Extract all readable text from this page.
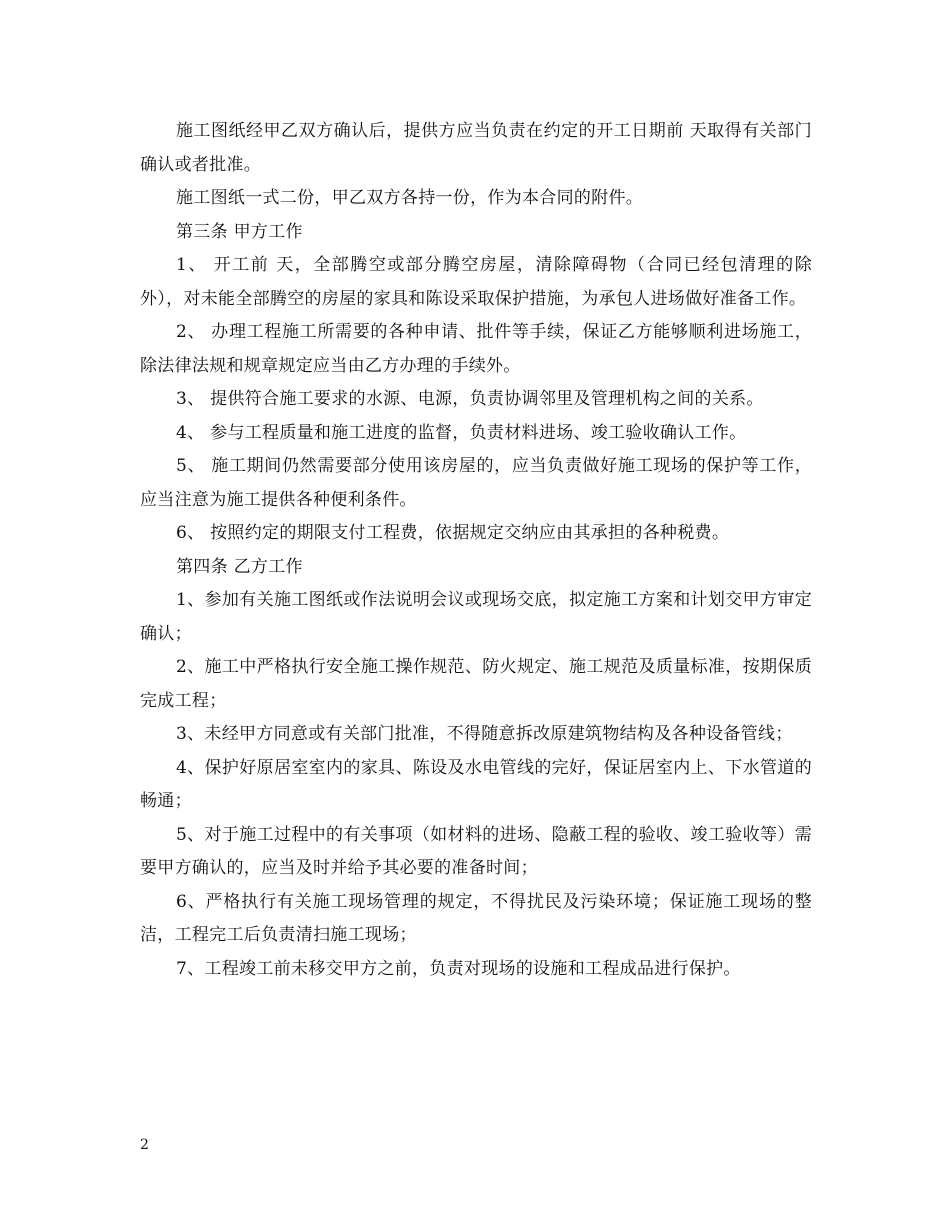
施工图纸经甲乙双方确认后，提供方应当负责在约定的开工日期前 天取得有关部门确认或者批准。

施工图纸一式二份，甲乙双方各持一份，作为本合同的附件。

第三条 甲方工作

1、 开工前 天，全部腾空或部分腾空房屋，清除障碍物（合同已经包清理的除外），对未能全部腾空的房屋的家具和陈设采取保护措施，为承包人进场做好准备工作。

2、 办理工程施工所需要的各种申请、批件等手续，保证乙方能够顺利进场施工，除法律法规和规章规定应当由乙方办理的手续外。

3、 提供符合施工要求的水源、电源，负责协调邻里及管理机构之间的关系。

4、 参与工程质量和施工进度的监督，负责材料进场、竣工验收确认工作。

5、 施工期间仍然需要部分使用该房屋的，应当负责做好施工现场的保护等工作，应当注意为施工提供各种便利条件。

6、 按照约定的期限支付工程费，依据规定交纳应由其承担的各种税费。

第四条 乙方工作

1、参加有关施工图纸或作法说明会议或现场交底，拟定施工方案和计划交甲方审定确认；

2、施工中严格执行安全施工操作规范、防火规定、施工规范及质量标准，按期保质完成工程；

3、未经甲方同意或有关部门批准，不得随意拆改原建筑物结构及各种设备管线；

4、保护好原居室室内的家具、陈设及水电管线的完好，保证居室内上、下水管道的畅通；

5、对于施工过程中的有关事项（如材料的进场、隐蔽工程的验收、竣工验收等）需要甲方确认的，应当及时并给予其必要的准备时间；

6、严格执行有关施工现场管理的规定，不得扰民及污染环境；保证施工现场的整洁，工程完工后负责清扫施工现场；

7、工程竣工前未移交甲方之前，负责对现场的设施和工程成品进行保护。

2
